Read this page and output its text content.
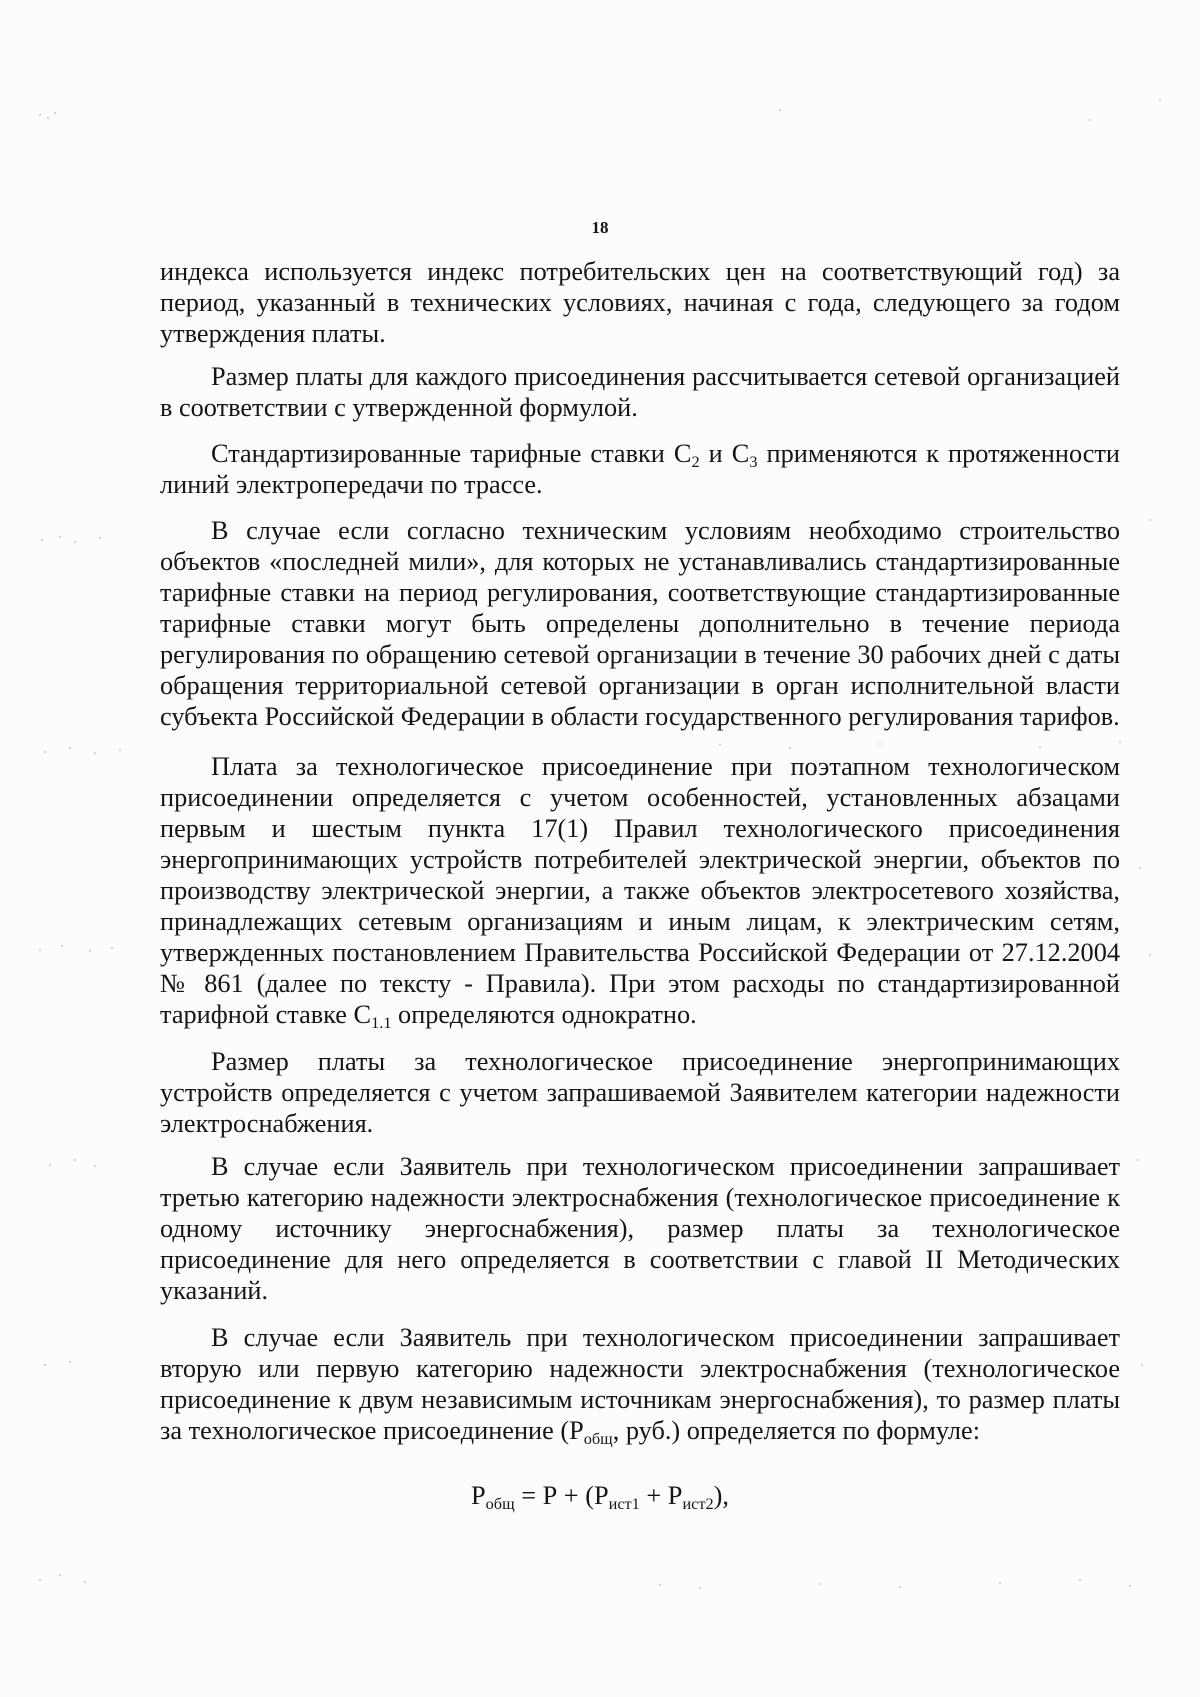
18

индекса используется индекс потребительских цен на соответствующий год) за период, указанный в технических условиях, начиная с года, следующего за годом утверждения платы.

Размер платы для каждого присоединения рассчитывается сетевой организацией в соответствии с утвержденной формулой.

Стандартизированные тарифные ставки $С_2$ и $С_3$ применяются к протяженности линий электропередачи по трассе.

В случае если согласно техническим условиям необходимо строительство объектов «последней мили», для которых не устанавливались стандартизированные тарифные ставки на период регулирования, соответствующие стандартизированные тарифные ставки могут быть определены дополнительно в течение периода регулирования по обращению сетевой организации в течение 30 рабочих дней с даты обращения территориальной сетевой организации в орган исполнительной власти субъекта Российской Федерации в области государственного регулирования тарифов.

Плата за технологическое присоединение при поэтапном технологическом присоединении определяется с учетом особенностей, установленных абзацами первым и шестым пункта 17(1) Правил технологического присоединения энергопринимающих устройств потребителей электрической энергии, объектов по производству электрической энергии, а также объектов электросетевого хозяйства, принадлежащих сетевым организациям и иным лицам, к электрическим сетям, утвержденных постановлением Правительства Российской Федерации от 27.12.2004 № 861 (далее по тексту - Правила). При этом расходы по стандартизированной тарифной ставке $С_{1.1}$ определяются однократно.

Размер платы за технологическое присоединение энергопринимающих устройств определяется с учетом запрашиваемой Заявителем категории надежности электроснабжения.

В случае если Заявитель при технологическом присоединении запрашивает третью категорию надежности электроснабжения (технологическое присоединение к одному источнику энергоснабжения), размер платы за технологическое присоединение для него определяется в соответствии с главой II Методических указаний.

В случае если Заявитель при технологическом присоединении запрашивает вторую или первую категорию надежности электроснабжения (технологическое присоединение к двум независимым источникам энергоснабжения), то размер платы за технологическое присоединение ($Р_{общ}$, руб.) определяется по формуле:

$Р_{общ} = Р + (Р_{ист1} + Р_{ист2})$,
